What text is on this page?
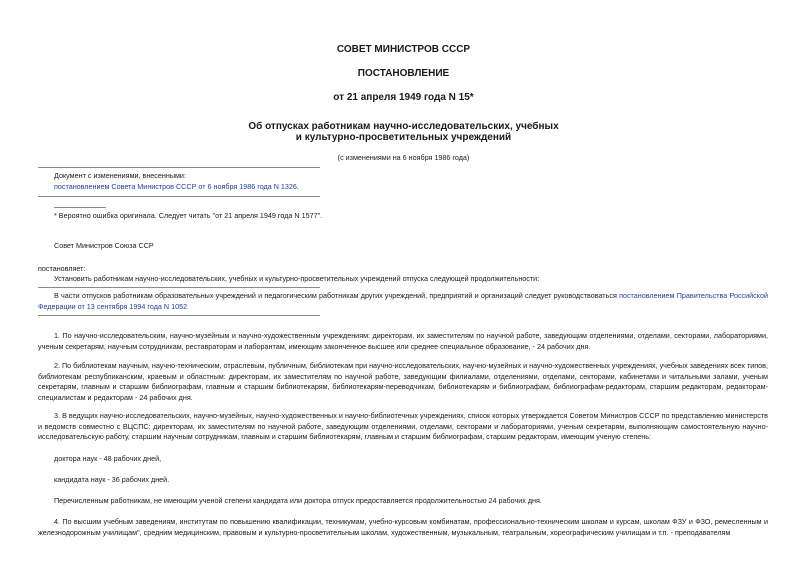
СОВЕТ МИНИСТРОВ СССР
ПОСТАНОВЛЕНИЕ
от 21 апреля 1949 года N 15*
Об отпусках работникам научно-исследовательских, учебных
и культурно-просветительных учреждений
(с изменениями на 6 ноября 1986 года)
Документ с изменениями, внесенными:
постановлением Совета Министров СССР от 6 ноября 1986 года N 1326.
* Вероятно ошибка оригинала. Следует читать "от 21 апреля 1949 года N 1577".
Совет Министров Союза ССР
постановляет:
Установить работникам научно-исследовательских, учебных и культурно-просветительных учреждений отпуска следующей продолжительности:
В части отпусков работникам образовательных учреждений и педагогическим работникам других учреждений, предприятий и организаций следует руководствоваться постановлением Правительства Российской Федерации от 13 сентября 1994 года N 1052
1. По научно-исследовательским, научно-музейным и научно-художественным учреждениям: директорам, их заместителям по научной работе, заведующим отделениями, отделами, секторами, лабораториями, ученым секретарям, научным сотрудникам, реставраторам и лаборантам, имеющим законченное высшее или среднее специальное образование, - 24 рабочих дня.
2. По библиотекам научным, научно-техническим, отраслевым, публичным, библиотекам при научно-исследовательских, научно-музейных и научно-художественных учреждениях, учебных заведениях всех типов, библиотекам республиканским, краевым и областным: директорам, их заместителям по научной работе, заведующим филиалами, отделениями, отделами, секторами, кабинетами и читальными залами, ученым секретарям, главным и старшим библиографам, главным и старшим библиотекарям, библиотекарям-переводчикам, библиотекарям и библиографам, библиографам-редакторам, старшим редакторам, редакторам-специалистам и редакторам - 24 рабочих дня.
3. В ведущих научно-исследовательских, научно-музейных, научно-художественных и научно-библиотечных учреждениях, список которых утверждается Советом Министров СССР по представлению министерств и ведомств совместно с ВЦСПС: директорам, их заместителям по научной работе, заведующим отделениями, отделами, секторами и лабораториями, ученым секретарям, выполняющим самостоятельную научно-исследовательскую работу, старшим научным сотрудникам, главным и старшим библиотекарям, главным и старшим библиографам, старшим редакторам, имеющим ученую степень:
доктора наук - 48 рабочих дней,
кандидата наук - 36 рабочих дней.
Перечисленным работникам, не имеющим ученой степени кандидата или доктора отпуск предоставляется продолжительностью 24 рабочих дня.
4. По высшим учебным заведениям, институтам по повышению квалификации, техникумам, учебно-курсовым комбинатам, профессионально-техническим школам и курсам, школам ФЗУ и ФЗО, ремесленным и железнодорожным училищам", средним медицинским, правовым и культурно-просветительным школам, художественным, музыкальным, театральным, хореографическим училищам и т.п. - преподавателям
